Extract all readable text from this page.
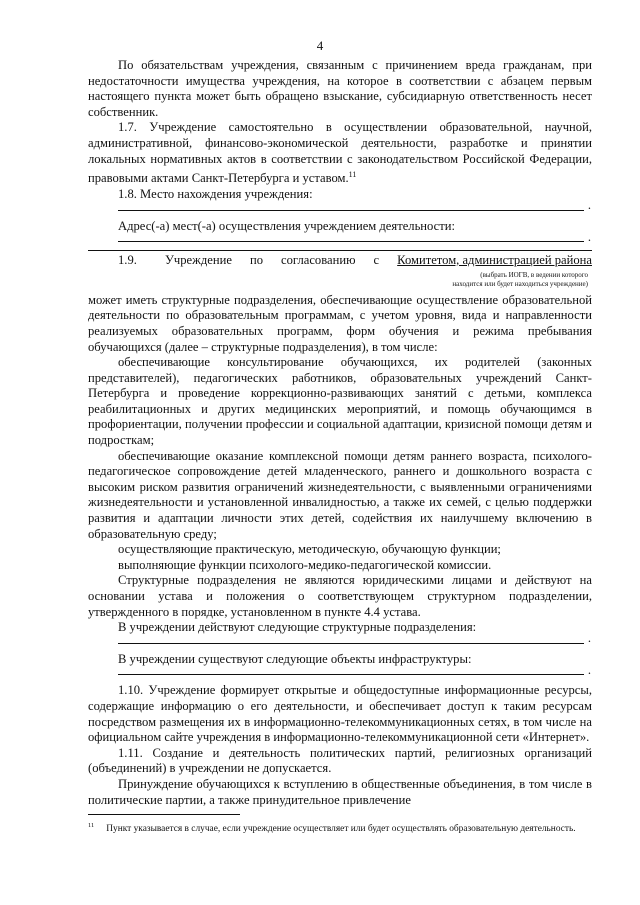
4

По обязательствам учреждения, связанным с причинением вреда гражданам, при недостаточности имущества учреждения, на которое в соответствии с абзацем первым настоящего пункта может быть обращено взыскание, субсидиарную ответственность несет собственник.

1.7. Учреждение самостоятельно в осуществлении образовательной, научной, административной, финансово-экономической деятельности, разработке и принятии локальных нормативных актов в соответствии с законодательством Российской Федерации, правовыми актами Санкт-Петербурга и уставом.$^{11}$

1.8. Место нахождения учреждения:

.

Адрес(-а) мест(-а) осуществления учреждением деятельности:

.
1.9.	Учреждение по согласованию с Комитетом, администрацией района
(выбрать ИОГВ, в ведении которого
находится или будет находиться учреждение)

может иметь структурные подразделения, обеспечивающие осуществление образовательной деятельности по образовательным программам, с учетом уровня, вида и направленности реализуемых образовательных программ, форм обучения и режима пребывания обучающихся (далее – структурные подразделения), в том числе:

обеспечивающие консультирование обучающихся, их родителей (законных представителей), педагогических работников, образовательных учреждений Санкт-Петербурга и проведение коррекционно-развивающих занятий с детьми, комплекса реабилитационных и других медицинских мероприятий, и помощь обучающимся в профориентации, получении профессии и социальной адаптации, кризисной помощи детям и подросткам;

обеспечивающие оказание комплексной помощи детям раннего возраста, психолого-педагогическое сопровождение детей младенческого, раннего и дошкольного возраста с высоким риском развития ограничений жизнедеятельности, с выявленными ограничениями жизнедеятельности и установленной инвалидностью, а также их семей, с целью поддержки развития и адаптации личности этих детей, содействия их наилучшему включению в образовательную среду;

осуществляющие практическую, методическую, обучающую функции;

выполняющие функции психолого-медико-педагогической комиссии.

Структурные подразделения не являются юридическими лицами и действуют на основании устава и положения о соответствующем структурном подразделении, утвержденного в порядке, установленном в пункте 4.4 устава.

В учреждении действуют следующие структурные подразделения:

.

В учреждении существуют следующие объекты инфраструктуры:

.

1.10. Учреждение формирует открытые и общедоступные информационные ресурсы, содержащие информацию о его деятельности, и обеспечивает доступ к таким ресурсам посредством размещения их в информационно-телекоммуникационных сетях, в том числе на официальном сайте учреждения в информационно-телекоммуникационной сети «Интернет».

1.11. Создание и деятельность политических партий, религиозных организаций (объединений) в учреждении не допускается.

Принуждение обучающихся к вступлению в общественные объединения, в том числе в политические партии, а также принудительное привлечение

$^{11}$ Пункт указывается в случае, если учреждение осуществляет или будет осуществлять образовательную деятельность.
